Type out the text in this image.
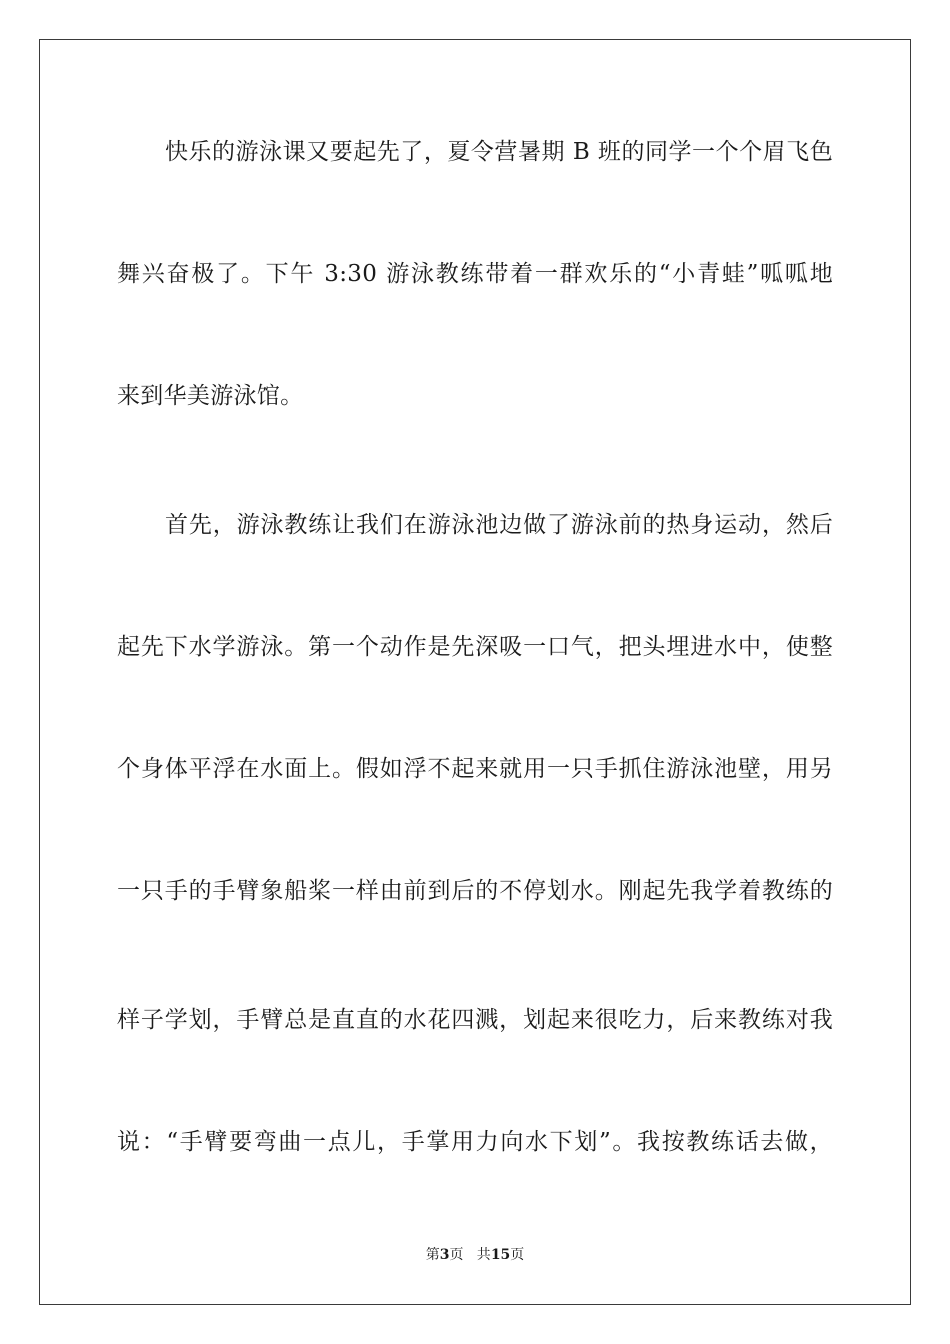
快乐的游泳课又要起先了，夏令营暑期 B 班的同学一个个眉飞色
舞兴奋极了。下午 3:30 游泳教练带着一群欢乐的“小青蛙”呱呱地
来到华美游泳馆。
首先，游泳教练让我们在游泳池边做了游泳前的热身运动，然后
起先下水学游泳。第一个动作是先深吸一口气，把头埋进水中，使整
个身体平浮在水面上。假如浮不起来就用一只手抓住游泳池壁，用另
一只手的手臂象船桨一样由前到后的不停划水。刚起先我学着教练的
样子学划，手臂总是直直的水花四溅，划起来很吃力，后来教练对我
说：“手臂要弯曲一点儿，手掌用力向水下划”。我按教练话去做，
第3页   共15页
